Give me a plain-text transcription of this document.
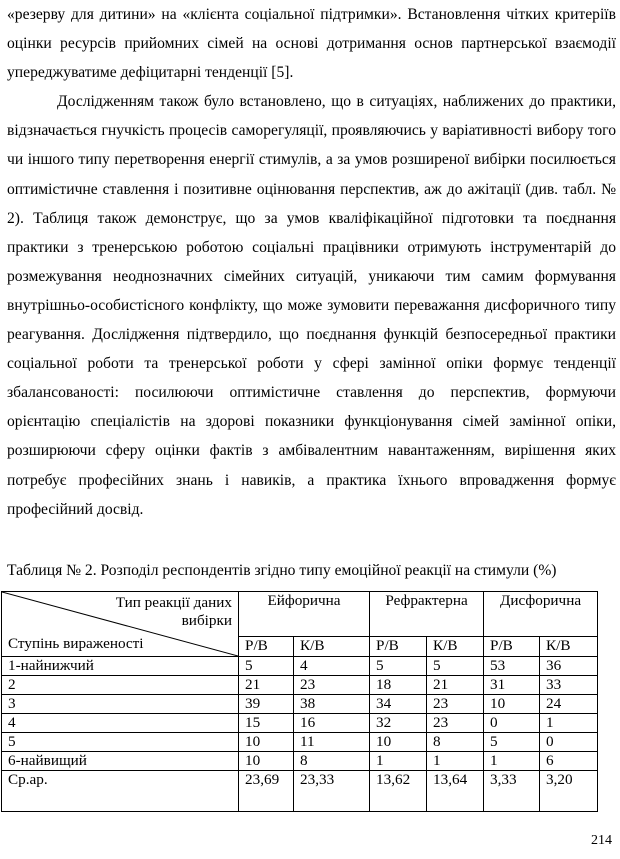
«резерву для дитини» на «клієнта соціальної підтримки». Встановлення чітких критеріїв оцінки ресурсів прийомних сімей на основі дотримання основ партнерської взаємодії упереджуватиме дефіцитарні тенденції [5].

Дослідженням також було встановлено, що в ситуаціях, наближених до практики, відзначається гнучкість процесів саморегуляції, проявляючись у варіативності вибору того чи іншого типу перетворення енергії стимулів, а за умов розширеної вибірки посилюється оптимістичне ставлення і позитивне оцінювання перспектив, аж до ажітації (див. табл. № 2). Таблиця також демонструє, що за умов кваліфікаційної підготовки та поєднання практики з тренерською роботою соціальні працівники отримують інструментарій до розмежування неоднозначних сімейних ситуацій, уникаючи тим самим формування внутрішньо-особистісного конфлікту, що може зумовити переважання дисфоричного типу реагування. Дослідження підтвердило, що поєднання функцій безпосередньої практики соціальної роботи та тренерської роботи у сфері замінної опіки формує тенденції збалансованості: посилюючи оптимістичне ставлення до перспектив, формуючи орієнтацію спеціалістів на здорові показники функціонування сімей замінної опіки, розширюючи сферу оцінки фактів з амбівалентним навантаженням, вирішення яких потребує професійних знань і навиків, а практика їхнього впровадження формує професійний досвід.

Таблиця № 2. Розподіл респондентів згідно типу емоційної реакції на стимули (%)
Тип реакції даних
вибірки
Ступінь вираженості	Ейфорична		Рефрактерна		Дисфорична	
	Р/В	К/В	Р/В	К/В	Р/В	К/В
1-найнижчий	5	4	5	5	53	36
2	21	23	18	21	31	33
3	39	38	34	23	10	24
4	15	16	32	23	0	1
5	10	11	10	8	5	0
6-найвищий	10	8	1	1	1	6
Ср.ар.	23,69	23,33	13,62	13,64	3,33	3,20
214
